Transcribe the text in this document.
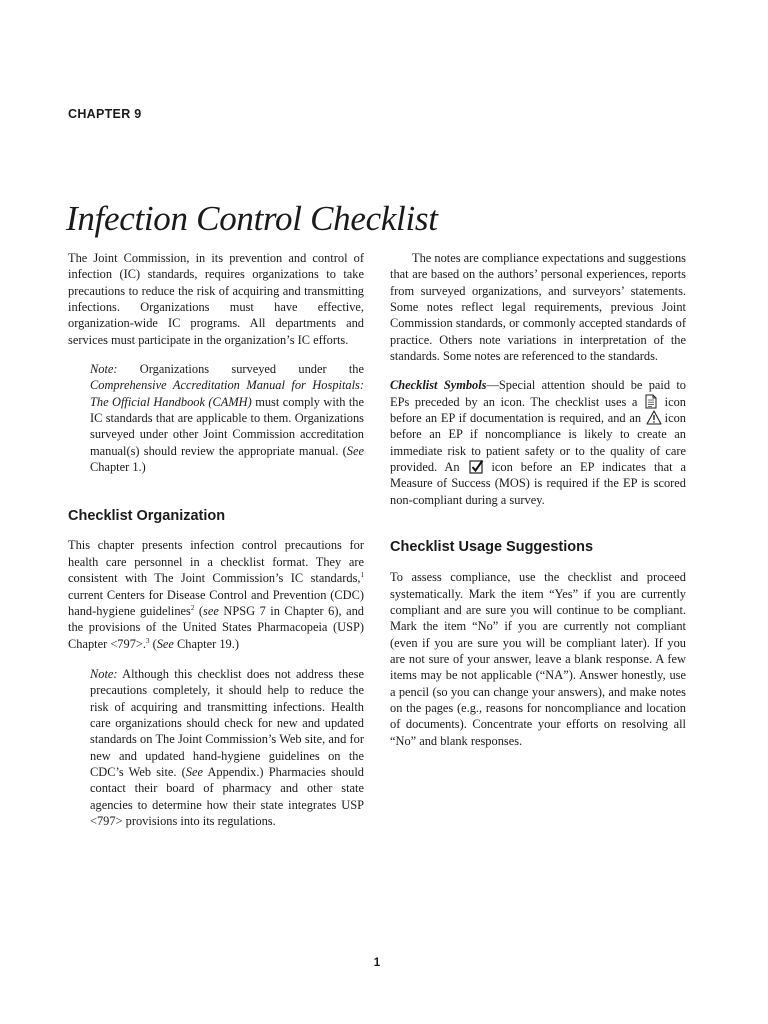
CHAPTER 9
Infection Control Checklist

The Joint Commission, in its prevention and control of infection (IC) standards, requires organizations to take precautions to reduce the risk of acquiring and transmitting infections. Organizations must have effective, organization-wide IC programs. All departments and services must participate in the organization’s IC efforts.

Note: Organizations surveyed under the Comprehensive Accreditation Manual for Hospitals: The Official Handbook (CAMH) must comply with the IC standards that are applicable to them. Organizations surveyed under other Joint Commission accreditation manual(s) should review the appropriate manual. (See Chapter 1.)

Checklist Organization

This chapter presents infection control precautions for health care personnel in a checklist format. They are consistent with The Joint Commission’s IC standards,$^1$ current Centers for Disease Control and Prevention (CDC) hand-hygiene guidelines$^2$ (see NPSG 7 in Chapter 6), and the provisions of the United States Pharmacopeia (USP) Chapter <797>.$^3$ (See Chapter 19.)

Note: Although this checklist does not address these precautions completely, it should help to reduce the risk of acquiring and transmitting infections. Health care organizations should check for new and updated standards on The Joint Commission’s Web site, and for new and updated hand-hygiene guidelines on the CDC’s Web site. (See Appendix.) Pharmacies should contact their board of pharmacy and other state agencies to determine how their state integrates USP <797> provisions into its regulations.

The notes are compliance expectations and suggestions that are based on the authors’ personal experiences, reports from surveyed organizations, and surveyors’ statements. Some notes reflect legal requirements, previous Joint Commission standards, or commonly accepted standards of practice. Others note variations in interpretation of the standards. Some notes are referenced to the standards.

Checklist Symbols—Special attention should be paid to EPs preceded by an icon. The checklist uses a
icon before an EP if documentation is required, and an
icon before an EP if noncompliance is likely to create an immediate risk to patient safety or to the quality of care provided. An
icon before an EP indicates that a Measure of Success (MOS) is required if the EP is scored non-compliant during a survey.

Checklist Usage Suggestions

To assess compliance, use the checklist and proceed systematically. Mark the item “Yes” if you are currently compliant and are sure you will continue to be compliant. Mark the item “No” if you are currently not compliant (even if you are sure you will be compliant later). If you are not sure of your answer, leave a blank response. A few items may be not applicable (“NA”). Answer honestly, use a pencil (so you can change your answers), and make notes on the pages (e.g., reasons for noncompliance and location of documents). Concentrate your efforts on resolving all “No” and blank responses.

1
